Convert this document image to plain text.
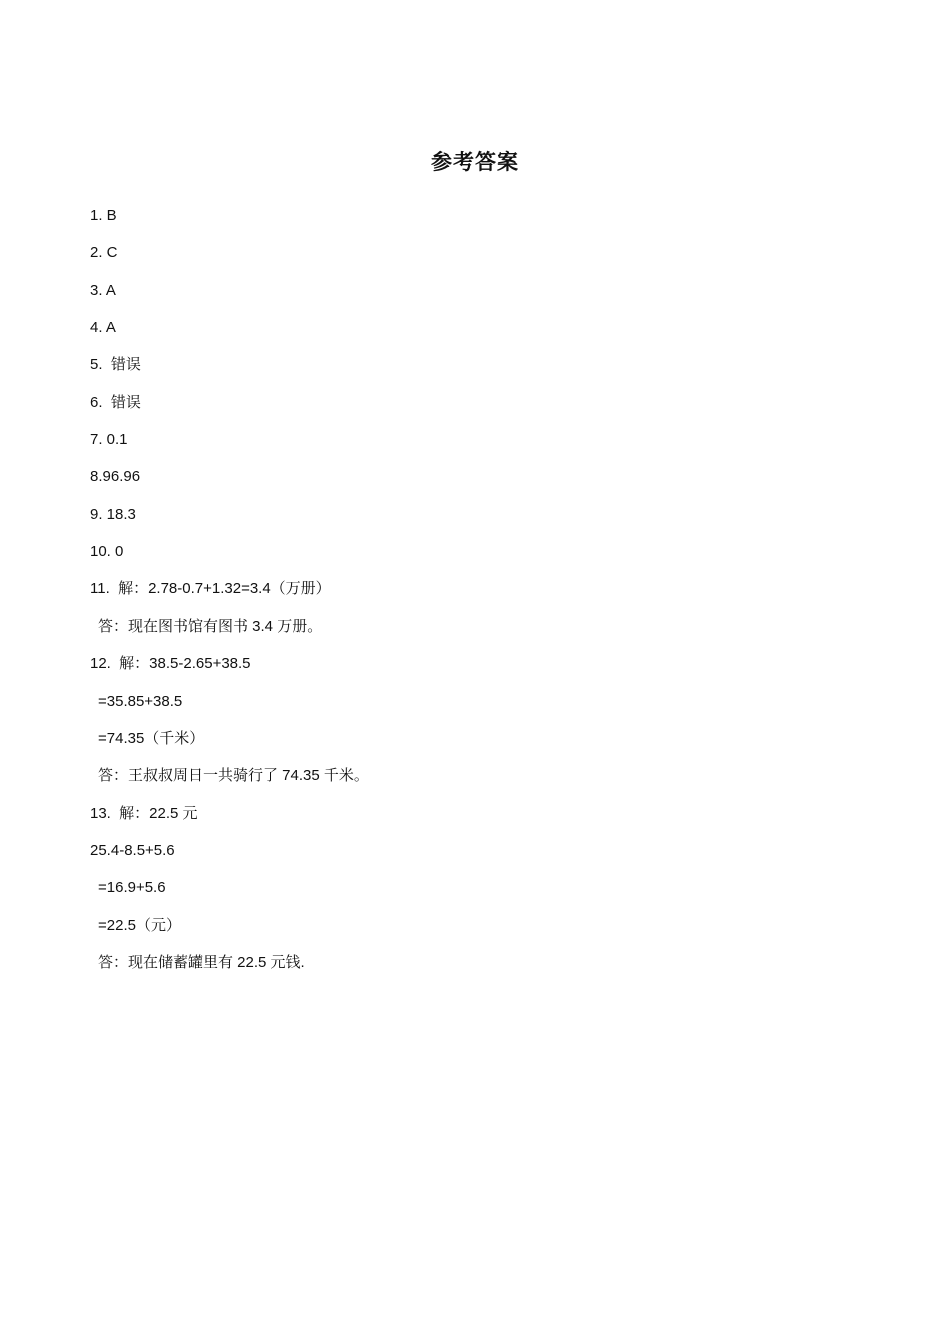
参考答案
1. B
2. C
3. A
4. A
5.  错误
6.  错误
7. 0.1
8.96.96
9. 18.3
10. 0
11.  解：2.78-0.7+1.32=3.4（万册）
答：现在图书馆有图书 3.4 万册。
12.  解：38.5-2.65+38.5
=35.85+38.5
=74.35（千米）
答：王叔叔周日一共骑行了 74.35 千米。
13.  解：22.5 元
25.4-8.5+5.6
=16.9+5.6
=22.5（元）
答：现在储蓄罐里有 22.5 元钱.
